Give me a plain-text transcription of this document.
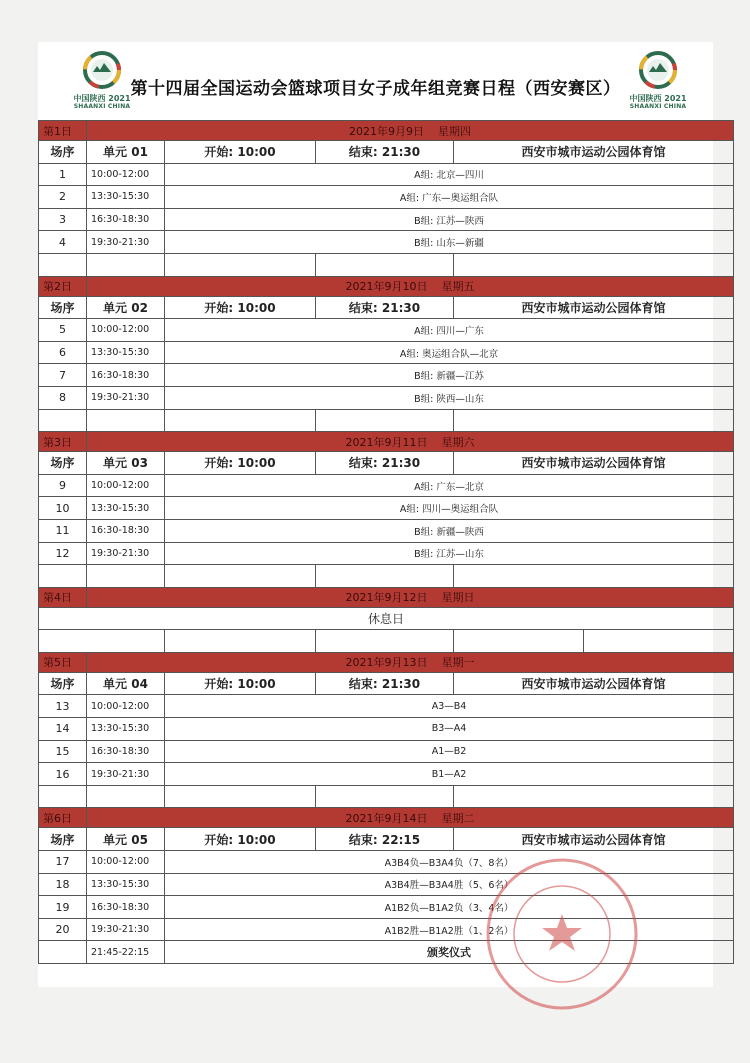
中国陕西 2021
SHAANXI CHINA
第十四届全国运动会篮球项目女子成年组竞赛日程（西安赛区）	中国陕西 2021
SHAANXI CHINA
第1日	2021年9月9日 星期四				
场序	单元 01	开始: 10:00	结束: 21:30	西安市城市运动公园体育馆	
1	10:00-12:00	A组: 北京—四川			
2	13:30-15:30	A组: 广东—奥运组合队			
3	16:30-18:30	B组: 江苏—陕西			
4	19:30-21:30	B组: 山东—新疆			

第2日	2021年9月10日 星期五				
场序	单元 02	开始: 10:00	结束: 21:30	西安市城市运动公园体育馆	
5	10:00-12:00	A组: 四川—广东			
6	13:30-15:30	A组: 奥运组合队—北京			
7	16:30-18:30	B组: 新疆—江苏			
8	19:30-21:30	B组: 陕西—山东			

第3日	2021年9月11日 星期六				
场序	单元 03	开始: 10:00	结束: 21:30	西安市城市运动公园体育馆	
9	10:00-12:00	A组: 广东—北京			
10	13:30-15:30	A组: 四川—奥运组合队			
11	16:30-18:30	B组: 新疆—陕西			
12	19:30-21:30	B组: 江苏—山东			

第4日	2021年9月12日 星期日				
休息日					

第5日	2021年9月13日 星期一				
场序	单元 04	开始: 10:00	结束: 21:30	西安市城市运动公园体育馆	
13	10:00-12:00	A3—B4			
14	13:30-15:30	B3—A4			
15	16:30-18:30	A1—B2			
16	19:30-21:30	B1—A2			

第6日	2021年9月14日 星期二				
场序	单元 05	开始: 10:00	结束: 22:15	西安市城市运动公园体育馆	
17	10:00-12:00	A3B4负—B3A4负（7、8名）			
18	13:30-15:30	A3B4胜—B3A4胜（5、6名）			
19	16:30-18:30	A1B2负—B1A2负（3、4名）			
20	19:30-21:30	A1B2胜—B1A2胜（1、2名）			
	21:45-22:15	颁奖仪式			
